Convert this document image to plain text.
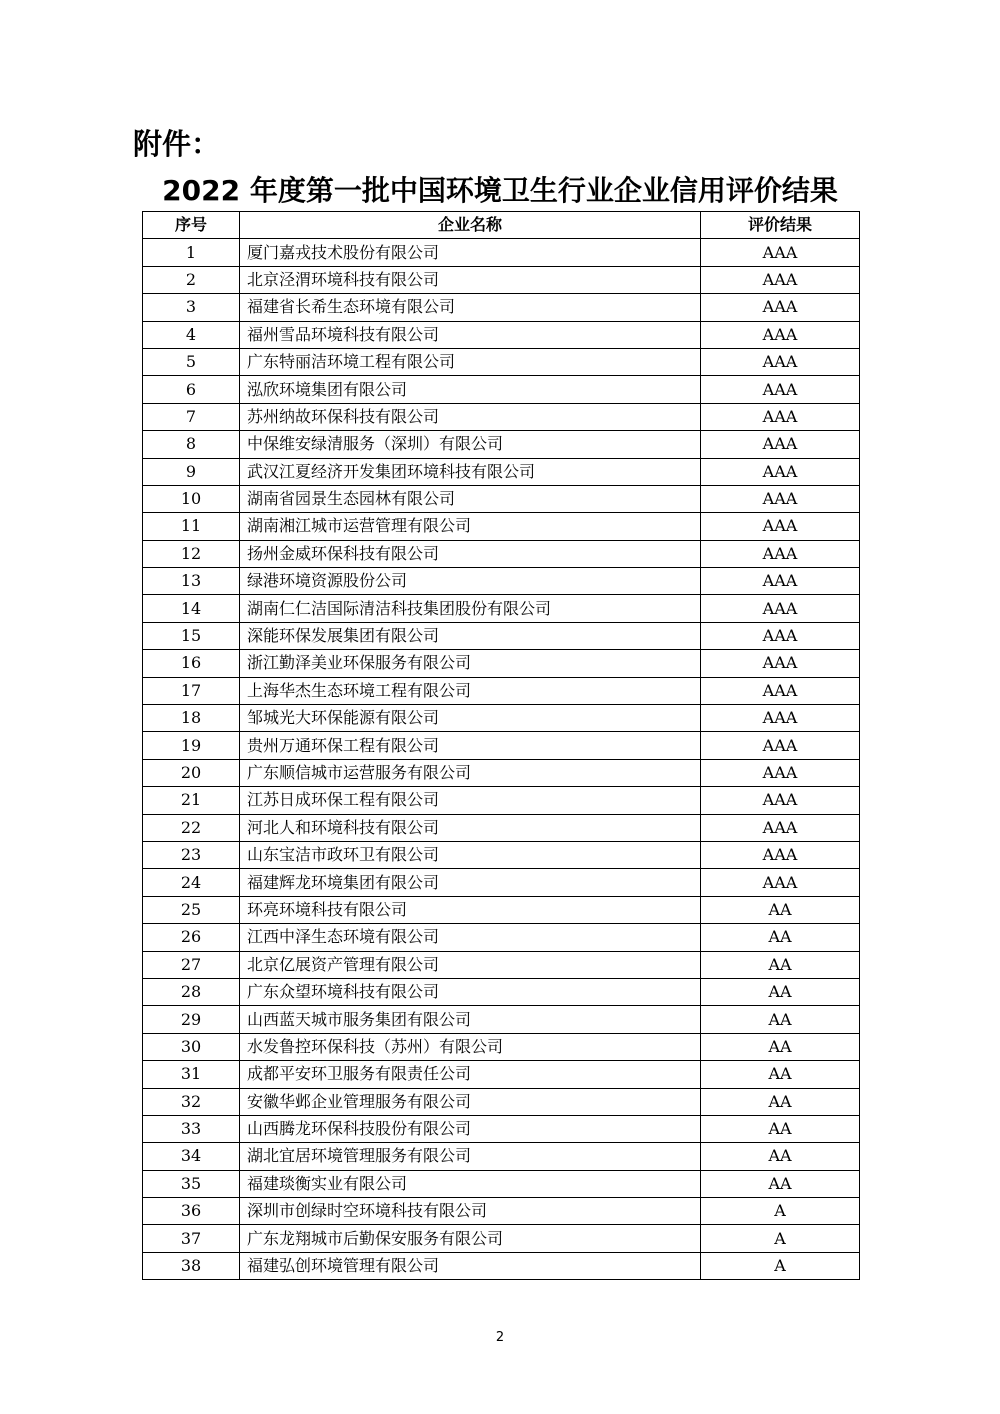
附件：
2022 年度第一批中国环境卫生行业企业信用评价结果
序号	企业名称	评价结果
1	厦门嘉戎技术股份有限公司	AAA
2	北京泾渭环境科技有限公司	AAA
3	福建省长希生态环境有限公司	AAA
4	福州雪品环境科技有限公司	AAA
5	广东特丽洁环境工程有限公司	AAA
6	泓欣环境集团有限公司	AAA
7	苏州纳故环保科技有限公司	AAA
8	中保维安绿清服务（深圳）有限公司	AAA
9	武汉江夏经济开发集团环境科技有限公司	AAA
10	湖南省园景生态园林有限公司	AAA
11	湖南湘江城市运营管理有限公司	AAA
12	扬州金威环保科技有限公司	AAA
13	绿港环境资源股份公司	AAA
14	湖南仁仁洁国际清洁科技集团股份有限公司	AAA
15	深能环保发展集团有限公司	AAA
16	浙江勤泽美业环保服务有限公司	AAA
17	上海华杰生态环境工程有限公司	AAA
18	邹城光大环保能源有限公司	AAA
19	贵州万通环保工程有限公司	AAA
20	广东顺信城市运营服务有限公司	AAA
21	江苏日成环保工程有限公司	AAA
22	河北人和环境科技有限公司	AAA
23	山东宝洁市政环卫有限公司	AAA
24	福建辉龙环境集团有限公司	AAA
25	环亮环境科技有限公司	AA
26	江西中泽生态环境有限公司	AA
27	北京亿展资产管理有限公司	AA
28	广东众望环境科技有限公司	AA
29	山西蓝天城市服务集团有限公司	AA
30	水发鲁控环保科技（苏州）有限公司	AA
31	成都平安环卫服务有限责任公司	AA
32	安徽华邺企业管理服务有限公司	AA
33	山西腾龙环保科技股份有限公司	AA
34	湖北宜居环境管理服务有限公司	AA
35	福建琰衡实业有限公司	AA
36	深圳市创绿时空环境科技有限公司	A
37	广东龙翔城市后勤保安服务有限公司	A
38	福建弘创环境管理有限公司	A
2
